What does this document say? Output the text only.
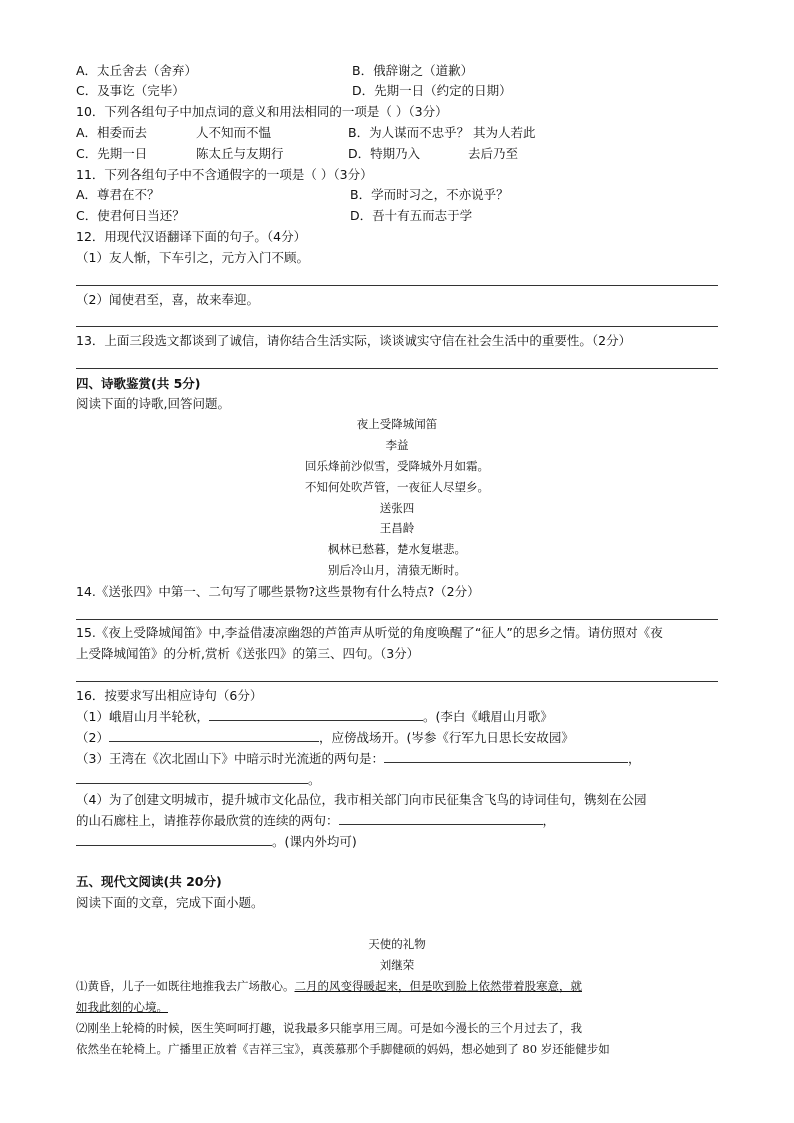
A．太丘舍去（舍弃）	B．俄辞谢之（道歉）
C．及事讫（完毕）	D．先期一日（约定的日期）
10．下列各组句子中加点词的意义和用法相同的一项是（ ）（3分）
A．相委而去	人不知而不愠	B．为人谋而不忠乎？ 其为人若此
C．先期一日	陈太丘与友期行	D．特期乃入	去后乃至
11．下列各组句子中不含通假字的一项是（ ）（3分）
A．尊君在不？	B．学而时习之，不亦说乎？
C．使君何日当还？	D．吾十有五而志于学
12．用现代汉语翻译下面的句子。（4分）
（1）友人惭，下车引之，元方入门不顾。
（2）闻使君至，喜，故来奉迎。
13．上面三段选文都谈到了诚信，请你结合生活实际，谈谈诚实守信在社会生活中的重要性。（2分）
四、诗歌鉴赏(共 5分)
阅读下面的诗歌,回答问题。
夜上受降城闻笛
李益
回乐烽前沙似雪，受降城外月如霜。
不知何处吹芦管，一夜征人尽望乡。
送张四
王昌龄
枫林已愁暮，楚水复堪悲。
别后冷山月，清猿无断时。
14.《送张四》中第一、二句写了哪些景物?这些景物有什么特点?（2分）
15.《夜上受降城闻笛》中,李益借凄凉幽怨的芦笛声从听觉的角度唤醒了“征人”的思乡之情。请仿照对《夜
上受降城闻笛》的分析,赏析《送张四》的第三、四句。（3分）
16．按要求写出相应诗句（6分）
（1）峨眉山月半轮秋，	。(李白《峨眉山月歌》
（2）	，应傍战场开。(岑参《行军九日思长安故园》
（3）王湾在《次北固山下》中暗示时光流逝的两句是：	，
。
（4）为了创建文明城市，提升城市文化品位，我市相关部门向市民征集含飞鸟的诗词佳句，镌刻在公园
的山石廊柱上，请推荐你最欣赏的连续的两句：	，
。(课内外均可)
五、现代文阅读(共 20分)
阅读下面的文章，完成下面小题。
天使的礼物
刘继荣
⑴黄昏，儿子一如既往地推我去广场散心。二月的风变得暖起来，但是吹到脸上依然带着股寒意，就
如我此刻的心境。
⑵刚坐上轮椅的时候，医生笑呵呵打趣，说我最多只能享用三周。可是如今漫长的三个月过去了，我
依然坐在轮椅上。广播里正放着《吉祥三宝》，真羡慕那个手脚健硕的妈妈，想必她到了 80 岁还能健步如
